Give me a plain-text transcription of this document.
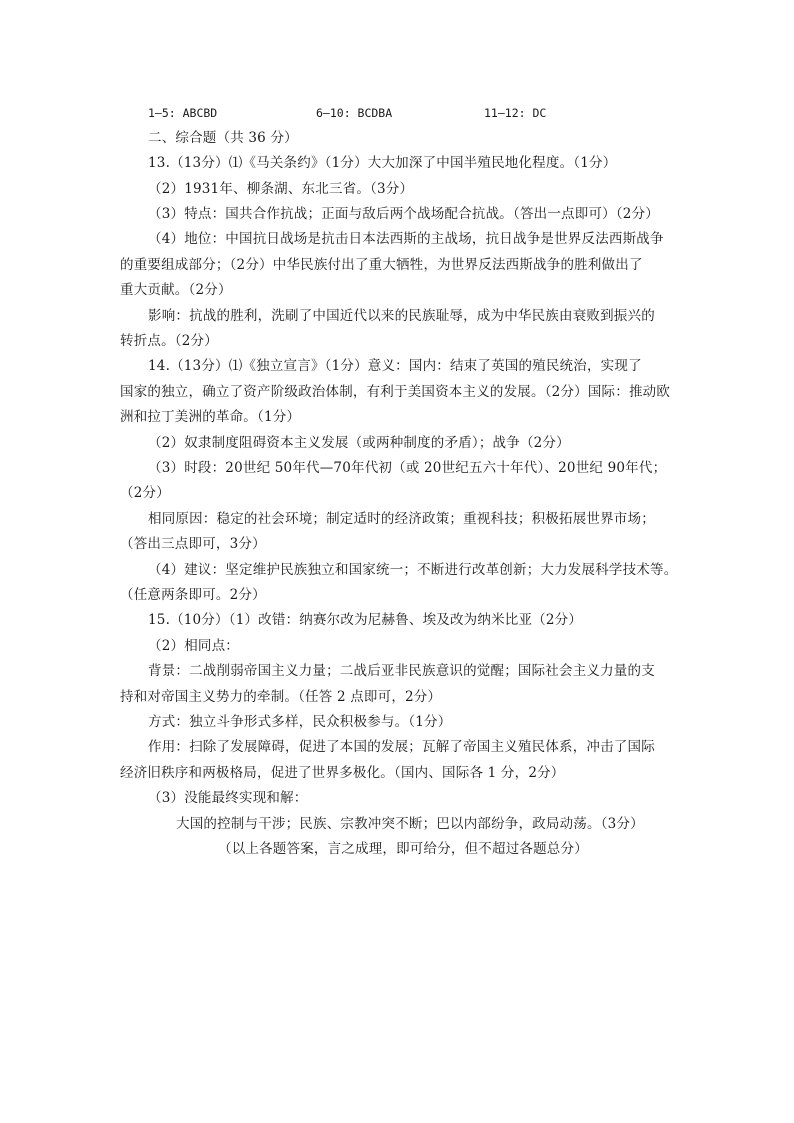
1—5: ABCBD	6—10: BCDBA	11—12: DC
二、综合题（共 36 分）
13.（13分）⑴《马关条约》（1分）大大加深了中国半殖民地化程度。（1分）
（2）1931年、柳条湖、东北三省。（3分）
（3）特点：国共合作抗战；正面与敌后两个战场配合抗战。（答出一点即可）（2分）
（4）地位：中国抗日战场是抗击日本法西斯的主战场，抗日战争是世界反法西斯战争
的重要组成部分；（2分）中华民族付出了重大牺牲，为世界反法西斯战争的胜利做出了
重大贡献。（2分）
影响：抗战的胜利，洗刷了中国近代以来的民族耻辱，成为中华民族由衰败到振兴的
转折点。（2分）
14.（13分）⑴《独立宣言》（1分）意义：国内：结束了英国的殖民统治，实现了
国家的独立，确立了资产阶级政治体制，有利于美国资本主义的发展。（2分）国际：推动欧
洲和拉丁美洲的革命。（1分）
（2）奴隶制度阻碍资本主义发展（或两种制度的矛盾）；战争（2分）
（3）时段：20世纪 50年代—70年代初（或 20世纪五六十年代）、20世纪 90年代；
（2分）
相同原因：稳定的社会环境；制定适时的经济政策；重视科技；积极拓展世界市场；
（答出三点即可，3分）
（4）建议：坚定维护民族独立和国家统一；不断进行改革创新；大力发展科学技术等。
（任意两条即可。2分）
15.（10分）（1）改错：纳赛尔改为尼赫鲁、埃及改为纳米比亚（2分）
（2）相同点：
背景：二战削弱帝国主义力量；二战后亚非民族意识的觉醒；国际社会主义力量的支
持和对帝国主义势力的牵制。（任答 2 点即可，2分）
方式：独立斗争形式多样，民众积极参与。（1分）
作用：扫除了发展障碍，促进了本国的发展；瓦解了帝国主义殖民体系，冲击了国际
经济旧秩序和两极格局，促进了世界多极化。（国内、国际各 1 分，2分）
（3）没能最终实现和解：
大国的控制与干涉；民族、宗教冲突不断；巴以内部纷争，政局动荡。（3分）
（以上各题答案，言之成理，即可给分，但不超过各题总分）
